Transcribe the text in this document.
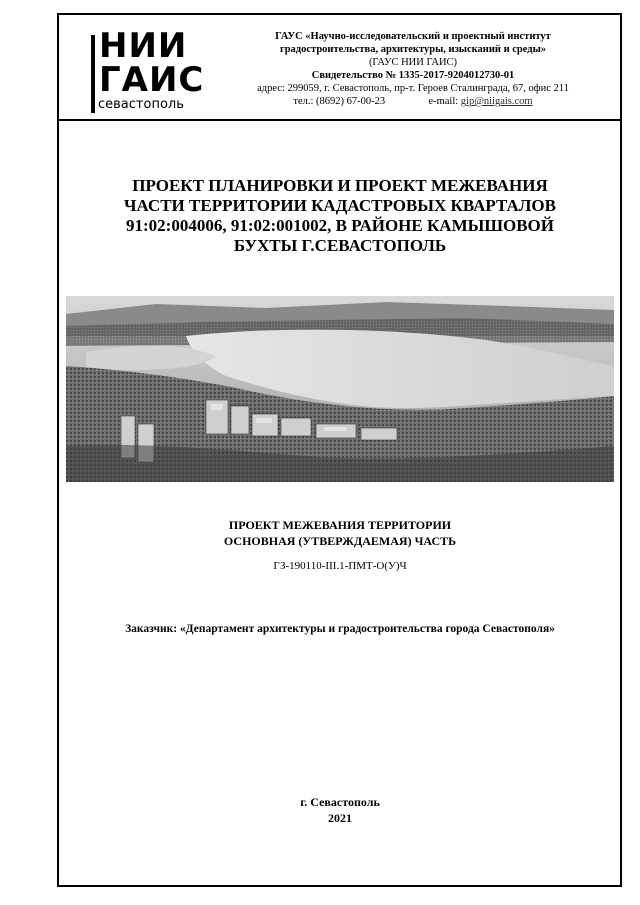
НИИ
ГАИС
севастополь
ГАУС «Научно-исследовательский и проектный институт
градостроительства, архитектуры, изысканий и среды»
(ГАУС НИИ ГАИС)
Свидетельство № 1335-2017-9204012730-01
адрес: 299059, г. Севастополь, пр-т. Героев Сталинграда, 67, офис 211
тел.: (8692) 67-00-23	e-mail: gip@niigais.com
ПРОЕКТ ПЛАНИРОВКИ И ПРОЕКТ МЕЖЕВАНИЯ
ЧАСТИ ТЕРРИТОРИИ КАДАСТРОВЫХ КВАРТАЛОВ
91:02:004006, 91:02:001002, В РАЙОНЕ КАМЫШОВОЙ
БУХТЫ Г.СЕВАСТОПОЛЬ
ПРОЕКТ МЕЖЕВАНИЯ ТЕРРИТОРИИ
ОСНОВНАЯ (УТВЕРЖДАЕМАЯ) ЧАСТЬ
ГЗ-190110-III.1-ПМТ-О(У)Ч
Заказчик: «Департамент архитектуры и градостроительства города Севастополя»
г. Севастополь
2021
